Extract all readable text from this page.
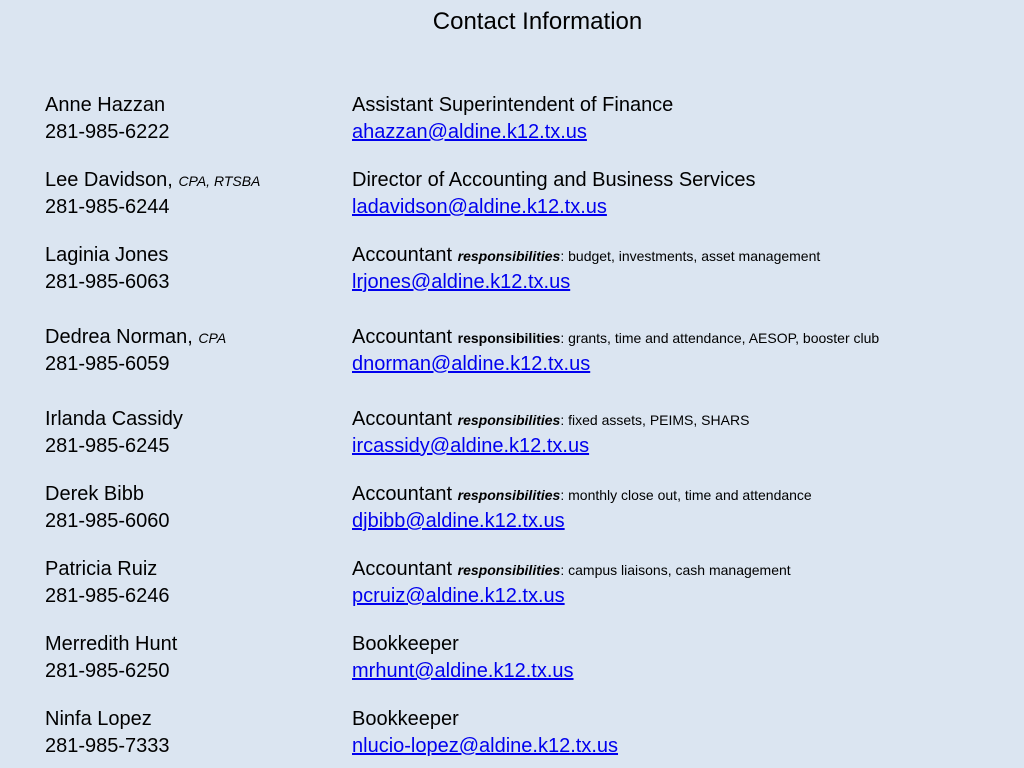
Contact Information
Anne Hazzan
281-985-6222
Assistant Superintendent of Finance
ahazzan@aldine.k12.tx.us
Lee Davidson, CPA, RTSBA
281-985-6244
Director of Accounting and Business Services
ladavidson@aldine.k12.tx.us
Laginia Jones
281-985-6063
Accountant responsibilities: budget, investments, asset management
lrjones@aldine.k12.tx.us
Dedrea Norman, CPA
281-985-6059
Accountant responsibilities: grants, time and attendance, AESOP, booster club
dnorman@aldine.k12.tx.us
Irlanda Cassidy
281-985-6245
Accountant responsibilities: fixed assets, PEIMS, SHARS
ircassidy@aldine.k12.tx.us
Derek Bibb
281-985-6060
Accountant responsibilities: monthly close out, time and attendance
djbibb@aldine.k12.tx.us
Patricia Ruiz
281-985-6246
Accountant responsibilities: campus liaisons, cash management
pcruiz@aldine.k12.tx.us
Merredith Hunt
281-985-6250
Bookkeeper
mrhunt@aldine.k12.tx.us
Ninfa Lopez
281-985-7333
Bookkeeper
nlucio-lopez@aldine.k12.tx.us
